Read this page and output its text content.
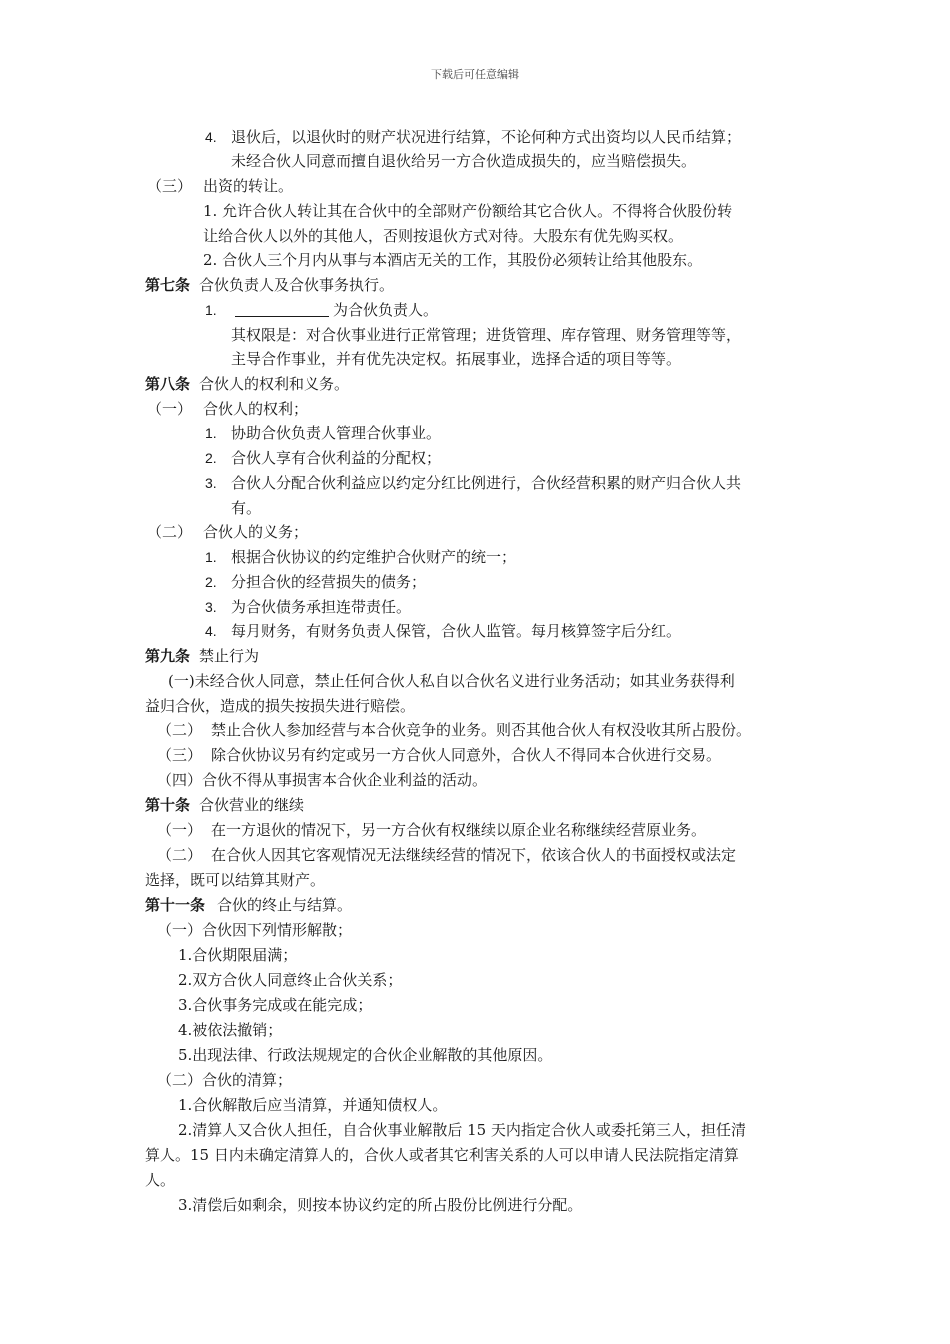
下载后可任意编辑
4. 退伙后，以退伙时的财产状况进行结算，不论何种方式出资均以人民币结算；
未经合伙人同意而擅自退伙给另一方合伙造成损失的，应当赔偿损失。
（三） 出资的转让。
1. 允许合伙人转让其在合伙中的全部财产份额给其它合伙人。不得将合伙股份转
让给合伙人以外的其他人，否则按退伙方式对待。大股东有优先购买权。
2. 合伙人三个月内从事与本酒店无关的工作，其股份必须转让给其他股东。
第七条 合伙负责人及合伙事务执行。
1.	为合伙负责人。
其权限是：对合伙事业进行正常管理；进货管理、库存管理、财务管理等等，
主导合作事业，并有优先决定权。拓展事业，选择合适的项目等等。
第八条 合伙人的权利和义务。
（一） 合伙人的权利；
1. 协助合伙负责人管理合伙事业。
2. 合伙人享有合伙利益的分配权；
3. 合伙人分配合伙利益应以约定分红比例进行，合伙经营积累的财产归合伙人共
有。
（二） 合伙人的义务；
1. 根据合伙协议的约定维护合伙财产的统一；
2. 分担合伙的经营损失的债务；
3. 为合伙债务承担连带责任。
4. 每月财务，有财务负责人保管，合伙人监管。每月核算签字后分红。
第九条 禁止行为
(一)未经合伙人同意，禁止任何合伙人私自以合伙名义进行业务活动；如其业务获得利
益归合伙，造成的损失按损失进行赔偿。
（二） 禁止合伙人参加经营与本合伙竞争的业务。则否其他合伙人有权没收其所占股份。
（三） 除合伙协议另有约定或另一方合伙人同意外，合伙人不得同本合伙进行交易。
（四）合伙不得从事损害本合伙企业利益的活动。
第十条 合伙营业的继续
（一） 在一方退伙的情况下，另一方合伙有权继续以原企业名称继续经营原业务。
（二） 在合伙人因其它客观情况无法继续经营的情况下，依该合伙人的书面授权或法定
选择，既可以结算其财产。
第十一条 合伙的终止与结算。
（一）合伙因下列情形解散；
1.合伙期限届满；
2.双方合伙人同意终止合伙关系；
3.合伙事务完成或在能完成；
4.被依法撤销；
5.出现法律、行政法规规定的合伙企业解散的其他原因。
（二）合伙的清算；
1.合伙解散后应当清算，并通知债权人。
2.清算人又合伙人担任，自合伙事业解散后 15 天内指定合伙人或委托第三人，担任清
算人。15 日内未确定清算人的，合伙人或者其它利害关系的人可以申请人民法院指定清算
人。
3.清偿后如剩余，则按本协议约定的所占股份比例进行分配。
